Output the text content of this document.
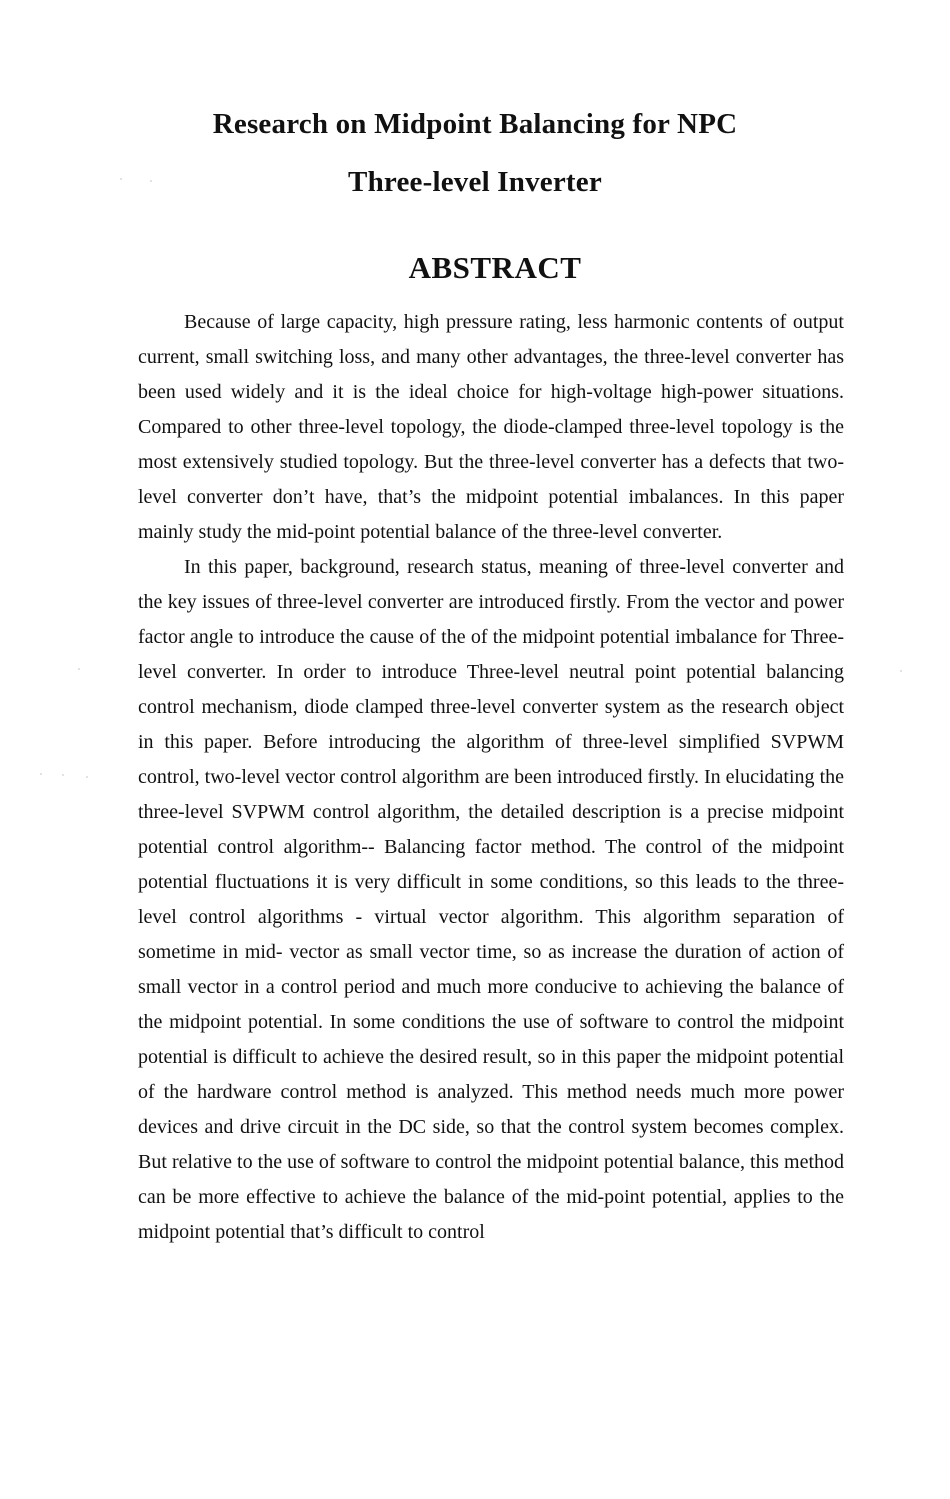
Research on Midpoint Balancing for NPC
Three-level Inverter
ABSTRACT

Because of large capacity, high pressure rating, less harmonic contents of output current, small switching loss, and many other advantages, the three-level converter has been used widely and it is the ideal choice for high-voltage high-power situations. Compared to other three-level topology, the diode-clamped three-level topology is the most extensively studied topology. But the three-level converter has a defects that two-level converter don’t have, that’s the midpoint potential imbalances. In this paper mainly study the mid-point potential balance of the three-level converter.

In this paper, background, research status, meaning of three-level converter and the key issues of three-level converter are introduced firstly. From the vector and power factor angle to introduce the cause of the of the midpoint potential imbalance for Three-level converter. In order to introduce Three-level neutral point potential balancing control mechanism, diode clamped three-level converter system as the research object in this paper. Before introducing the algorithm of three-level simplified SVPWM control, two-level vector control algorithm are been introduced firstly. In elucidating the three-level SVPWM control algorithm, the detailed description is a precise midpoint potential control algorithm-- Balancing factor method. The control of the midpoint potential fluctuations it is very difficult in some conditions, so this leads to the three-level control algorithms - virtual vector algorithm. This algorithm separation of sometime in mid- vector as small vector time, so as increase the duration of action of small vector in a control period and much more conducive to achieving the balance of the midpoint potential. In some conditions the use of software to control the midpoint potential is difficult to achieve the desired result, so in this paper the midpoint potential of the hardware control method is analyzed. This method needs much more power devices and drive circuit in the DC side, so that the control system becomes complex. But relative to the use of software to control the midpoint potential balance, this method can be more effective to achieve the balance of the mid-point potential, applies to the midpoint potential that’s difficult to control
